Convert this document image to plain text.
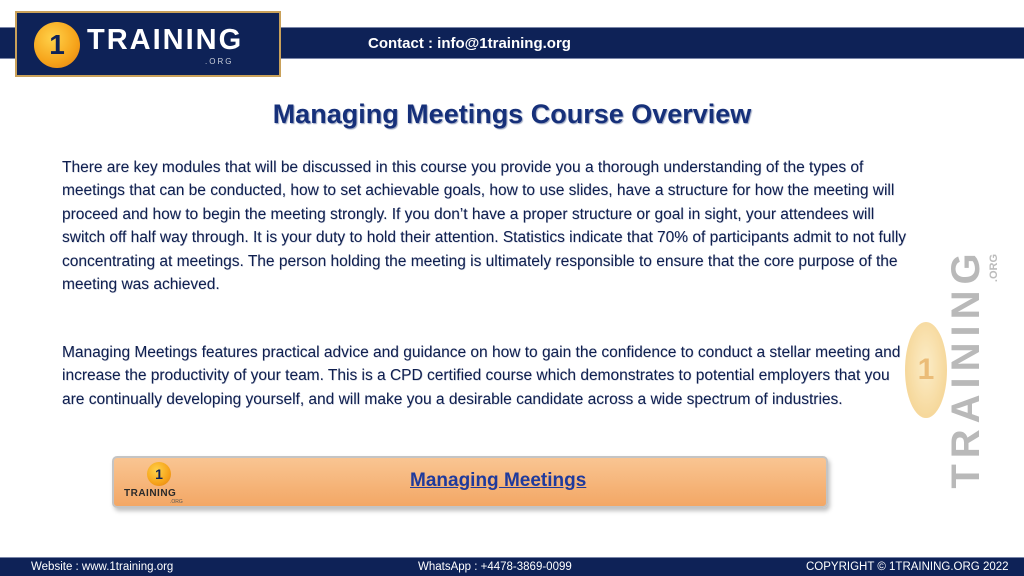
Contact : info@1training.org
1 TRAINING
.ORG
Managing Meetings Course Overview

There are key modules that will be discussed in this course you provide you a thorough understanding of the types of meetings that can be conducted, how to set achievable goals, how to use slides, have a structure for how the meeting will proceed and how to begin the meeting strongly. If you don’t have a proper structure or goal in sight, your attendees will switch off half way through. It is your duty to hold their attention. Statistics indicate that 70% of participants admit to not fully concentrating at meetings. The person holding the meeting is ultimately responsible to ensure that the core purpose of the meeting was achieved.

Managing Meetings features practical advice and guidance on how to gain the confidence to conduct a stellar meeting and increase the productivity of your team. This is a CPD certified course which demonstrates to potential employers that you are continually developing yourself, and will make you a desirable candidate across a wide spectrum of industries.

1 TRAINING .ORG
1
TRAINING
.ORG
Managing Meetings
Website : www.1training.org	WhatsApp : +4478-3869-0099	COPYRIGHT © 1TRAINING.ORG 2022
